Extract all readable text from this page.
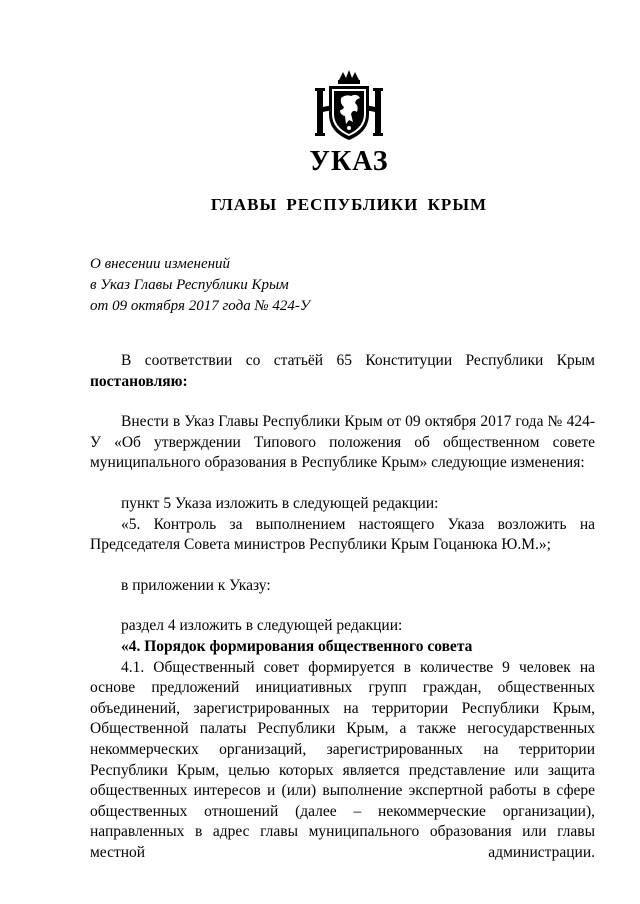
УКАЗ
ГЛАВЫ РЕСПУБЛИКИ КРЫМ
О внесении изменений
в Указ Главы Республики Крым
от 09 октября 2017 года № 424-У
В соответствии со статьёй 65 Конституции Республики Крым
постановляю:
Внести в Указ Главы Республики Крым от 09 октября 2017 года № 424-У «Об утверждении Типового положения об общественном совете муниципального образования в Республике Крым» следующие изменения:
пункт 5 Указа изложить в следующей редакции:
«5. Контроль за выполнением настоящего Указа возложить на Председателя Совета министров Республики Крым Гоцанюка Ю.М.»;
в приложении к Указу:
раздел 4 изложить в следующей редакции:
«4. Порядок формирования общественного совета
4.1. Общественный совет формируется в количестве 9 человек на основе предложений инициативных групп граждан, общественных объединений, зарегистрированных на территории Республики Крым, Общественной палаты Республики Крым, а также негосударственных некоммерческих организаций, зарегистрированных на территории Республики Крым, целью которых является представление или защита общественных интересов и (или) выполнение экспертной работы в сфере общественных отношений (далее – некоммерческие организации), направленных в адрес главы муниципального образования или главы местной администрации.
